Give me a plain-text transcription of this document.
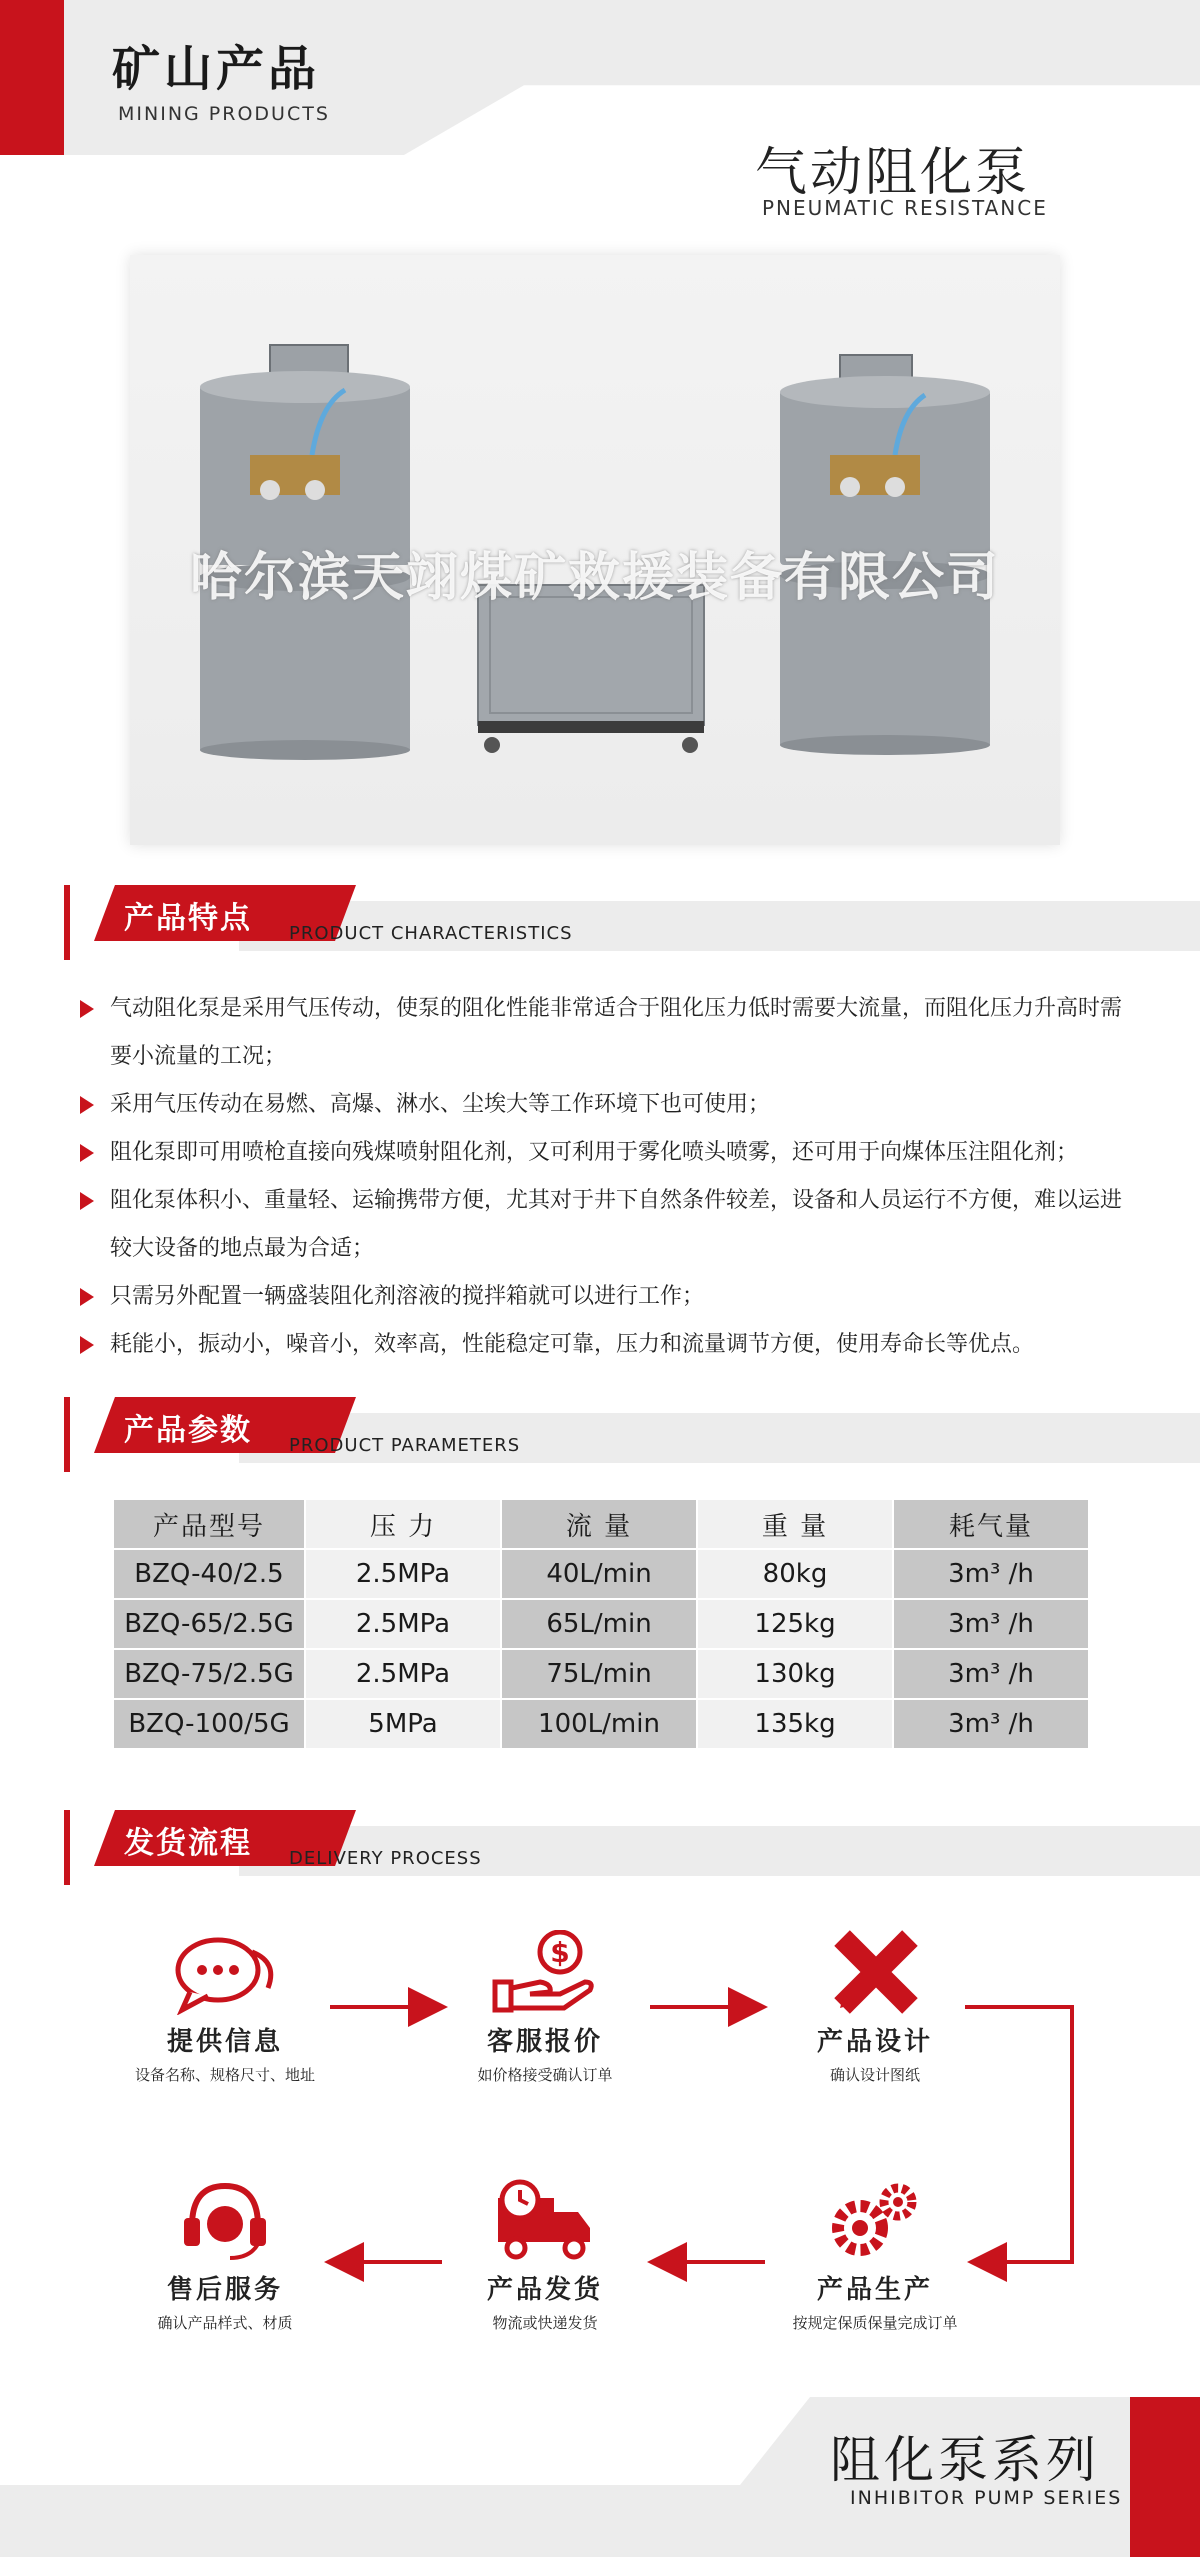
矿山产品
MINING PRODUCTS
气动阻化泵
PNEUMATIC RESISTANCE
哈尔滨天翊煤矿救援装备有限公司
产品特点 PRODUCT CHARACTERISTICS
气动阻化泵是采用气压传动，使泵的阻化性能非常适合于阻化压力低时需要大流量，而阻化压力升高时需要小流量的工况；
采用气压传动在易燃、高爆、淋水、尘埃大等工作环境下也可使用；
阻化泵即可用喷枪直接向残煤喷射阻化剂，又可利用于雾化喷头喷雾，还可用于向煤体压注阻化剂；
阻化泵体积小、重量轻、运输携带方便，尤其对于井下自然条件较差，设备和人员运行不方便，难以运进较大设备的地点最为合适；
只需另外配置一辆盛装阻化剂溶液的搅拌箱就可以进行工作；
耗能小，振动小，噪音小，效率高，性能稳定可靠，压力和流量调节方便，使用寿命长等优点。
产品参数 PRODUCT PARAMETERS
产品型号	压 力	流 量	重 量	耗气量
BZQ-40/2.5	2.5MPa	40L/min	80kg	3m³ /h
BZQ-65/2.5G	2.5MPa	65L/min	125kg	3m³ /h
BZQ-75/2.5G	2.5MPa	75L/min	130kg	3m³ /h
BZQ-100/5G	5MPa	100L/min	135kg	3m³ /h
发货流程 DELIVERY PROCESS
提供信息
设备名称、规格尺寸、地址
$
客服报价
如价格接受确认订单
产品设计
确认设计图纸
产品生产
按规定保质保量完成订单
产品发货
物流或快递发货
售后服务
确认产品样式、材质
阻化泵系列
INHIBITOR PUMP SERIES
